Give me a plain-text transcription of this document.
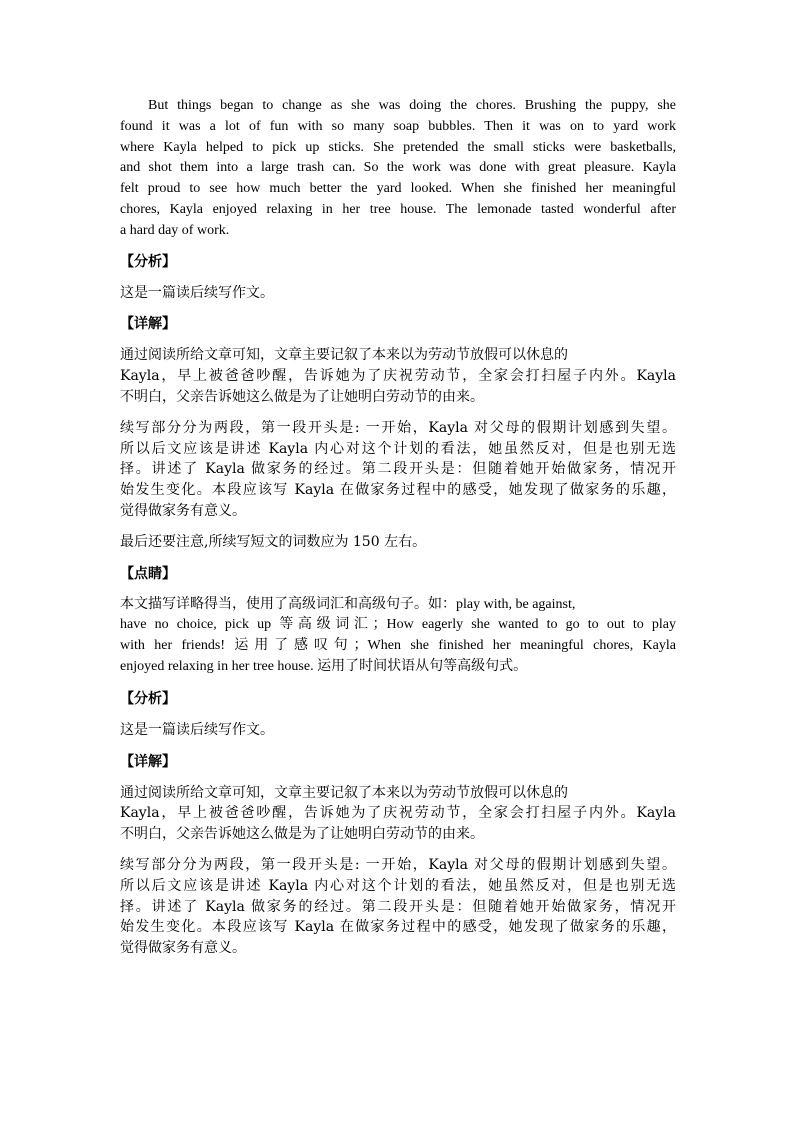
But things began to change as she was doing the chores. Brushing the puppy, she
found it was a lot of fun with so many soap bubbles. Then it was on to yard work
where Kayla helped to pick up sticks. She pretended the small sticks were basketballs,
and shot them into a large trash can. So the work was done with great pleasure. Kayla
felt proud to see how much better the yard looked. When she finished her meaningful
chores, Kayla enjoyed relaxing in her tree house. The lemonade tasted wonderful after
a hard day of work.
【分析】
这是一篇读后续写作文。
【详解】
通过阅读所给文章可知，文章主要记叙了本来以为劳动节放假可以休息的
Kayla，早上被爸爸吵醒，告诉她为了庆祝劳动节，全家会打扫屋子内外。Kayla
不明白，父亲告诉她这么做是为了让她明白劳动节的由来。
续写部分分为两段，第一段开头是: 一开始，Kayla 对父母的假期计划感到失望。
所以后文应该是讲述 Kayla 内心对这个计划的看法，她虽然反对，但是也别无选
择。讲述了 Kayla 做家务的经过。第二段开头是：但随着她开始做家务，情况开
始发生变化。本段应该写 Kayla 在做家务过程中的感受，她发现了做家务的乐趣，
觉得做家务有意义。
最后还要注意,所续写短文的词数应为 150 左右。
【点睛】
本文描写详略得当，使用了高级词汇和高级句子。如：play with, be against,
have no choice, pick up 等高级词汇；How eagerly she wanted to go to out to play
with her friends! 运用了感叹句；When she finished her meaningful chores, Kayla
enjoyed relaxing in her tree house. 运用了时间状语从句等高级句式。
【分析】
这是一篇读后续写作文。
【详解】
通过阅读所给文章可知，文章主要记叙了本来以为劳动节放假可以休息的
Kayla，早上被爸爸吵醒，告诉她为了庆祝劳动节，全家会打扫屋子内外。Kayla
不明白，父亲告诉她这么做是为了让她明白劳动节的由来。
续写部分分为两段，第一段开头是: 一开始，Kayla 对父母的假期计划感到失望。
所以后文应该是讲述 Kayla 内心对这个计划的看法，她虽然反对，但是也别无选
择。讲述了 Kayla 做家务的经过。第二段开头是：但随着她开始做家务，情况开
始发生变化。本段应该写 Kayla 在做家务过程中的感受，她发现了做家务的乐趣，
觉得做家务有意义。
